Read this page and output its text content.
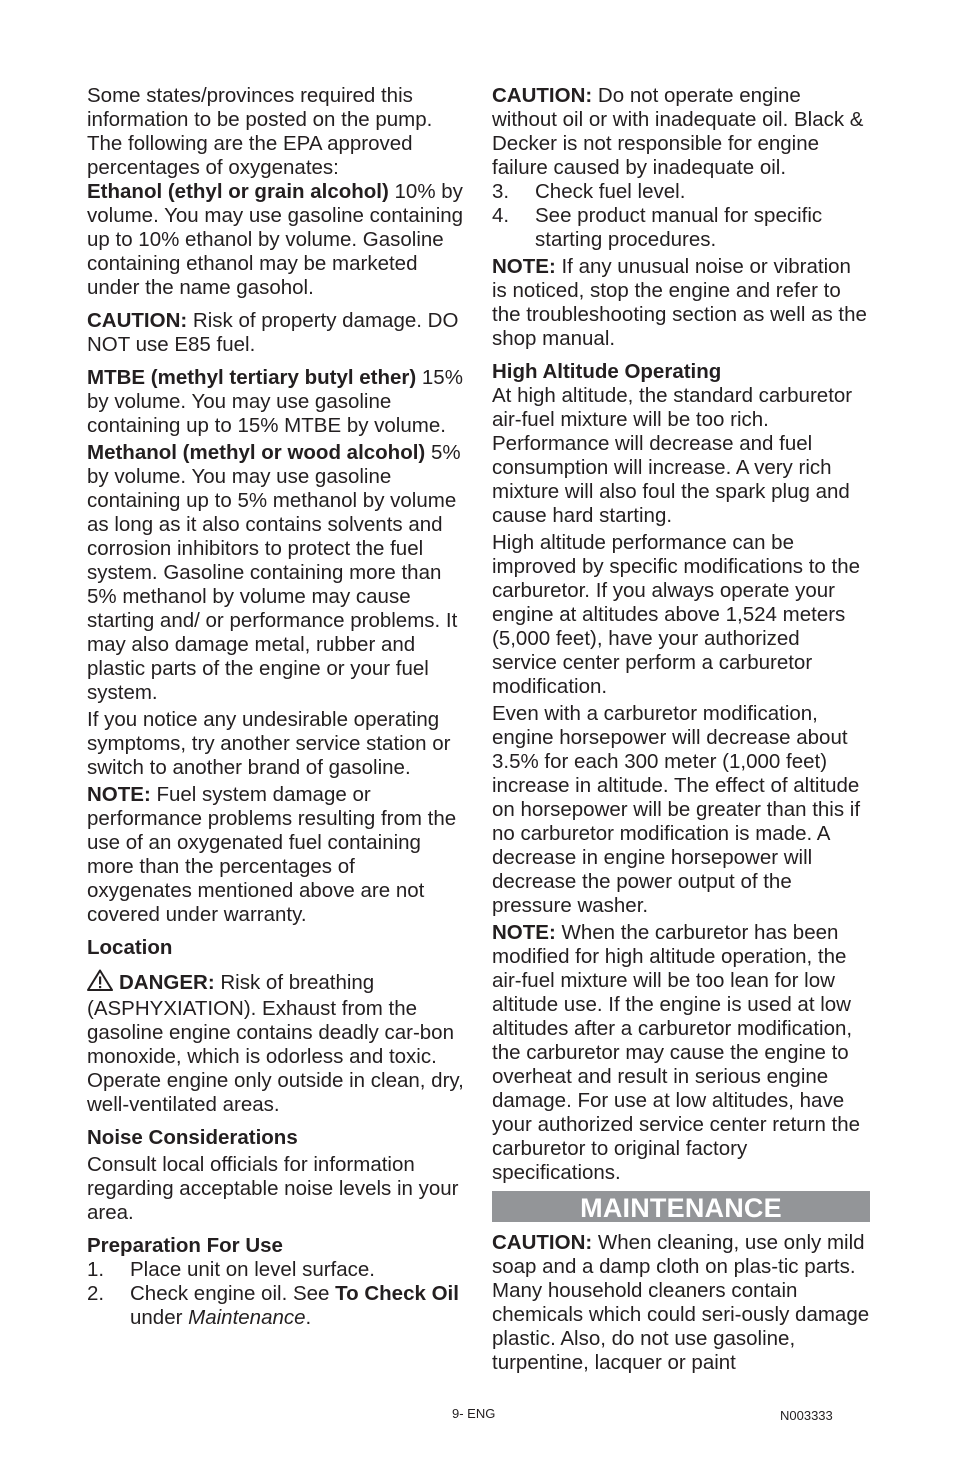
Some states/provinces required this information to be posted on the pump. The following are the EPA approved percentages of oxygenates:

Ethanol (ethyl or grain alcohol) 10% by volume. You may use gasoline containing up to 10% ethanol by volume. Gasoline containing ethanol may be marketed under the name gasohol.

CAUTION: Risk of property damage. DO NOT use E85 fuel.

MTBE (methyl tertiary butyl ether) 15% by volume. You may use gasoline containing up to 15% MTBE by volume.

Methanol (methyl or wood alcohol) 5% by volume. You may use gasoline containing up to 5% methanol by volume as long as it also contains solvents and corrosion inhibitors to protect the fuel system. Gasoline containing more than 5% methanol by volume may cause starting and/ or performance problems. It may also damage metal, rubber and plastic parts of the engine or your fuel system.

If you notice any undesirable operating symptoms, try another service station or switch to another brand of gasoline.

NOTE: Fuel system damage or performance problems resulting from the use of an oxygenated fuel containing more than the percentages of oxygenates mentioned above are not covered under warranty.

Location

DANGER: Risk of breathing (ASPHYXIATION). Exhaust from the gasoline engine contains deadly car-bon monoxide, which is odorless and toxic. Operate engine only outside in clean, dry, well-ventilated areas.

Noise Considerations

Consult local officials for information regarding acceptable noise levels in your area.

Preparation For Use

1. Place unit on level surface.
2. Check engine oil. See To Check Oil under Maintenance.

CAUTION: Do not operate engine without oil or with inadequate oil. Black & Decker is not responsible for engine failure caused by inadequate oil.

3. Check fuel level.
4. See product manual for specific starting procedures.

NOTE: If any unusual noise or vibration is noticed, stop the engine and refer to the troubleshooting section as well as the shop manual.

High Altitude Operating

At high altitude, the standard carburetor air-fuel mixture will be too rich. Performance will decrease and fuel consumption will increase. A very rich mixture will also foul the spark plug and cause hard starting.

High altitude performance can be improved by specific modifications to the carburetor. If you always operate your engine at altitudes above 1,524 meters (5,000 feet), have your authorized service center perform a carburetor modification.

Even with a carburetor modification, engine horsepower will decrease about 3.5% for each 300 meter (1,000 feet) increase in altitude. The effect of altitude on horsepower will be greater than this if no carburetor modification is made. A decrease in engine horsepower will decrease the power output of the pressure washer.

NOTE: When the carburetor has been modified for high altitude operation, the air-fuel mixture will be too lean for low altitude use. If the engine is used at low altitudes after a carburetor modification, the carburetor may cause the engine to overheat and result in serious engine damage. For use at low altitudes, have your authorized service center return the carburetor to original factory specifications.

MAINTENANCE

CAUTION: When cleaning, use only mild soap and a damp cloth on plas-tic parts. Many household cleaners contain chemicals which could seri-ously damage plastic. Also, do not use gasoline, turpentine, lacquer or paint

9- ENG	N003333
